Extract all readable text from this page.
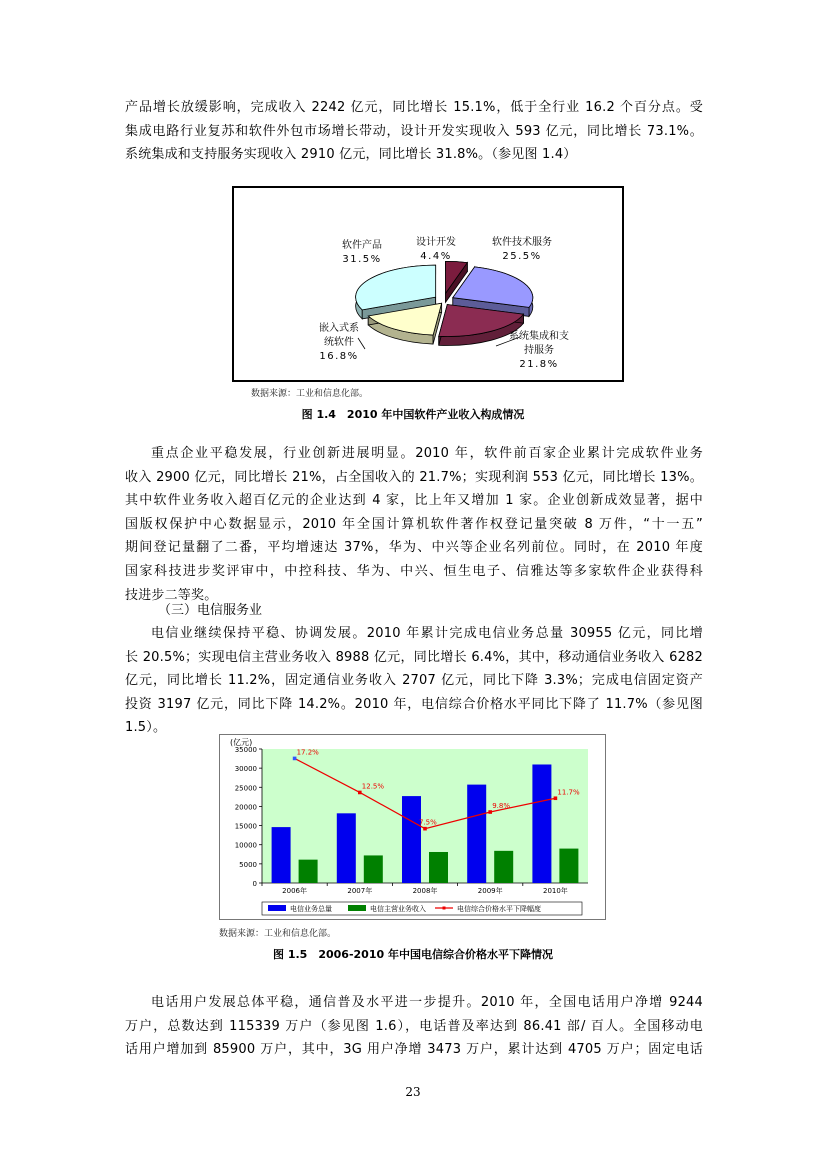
产品增长放缓影响，完成收入 2242 亿元，同比增长 15.1%，低于全行业 16.2 个百分点。受
集成电路行业复苏和软件外包市场增长带动，设计开发实现收入 593 亿元，同比增长 73.1%。
系统集成和支持服务实现收入 2910 亿元，同比增长 31.8%。（参见图 1.4）
设计开发
4.4%
软件技术服务
25.5%
系统集成和支
持服务
21.8%
嵌入式系
统软件
16.8%
软件产品
31.5%
数据来源：工业和信息化部。
图 1.4　2010 年中国软件产业收入构成情况
重点企业平稳发展，行业创新进展明显。2010 年，软件前百家企业累计完成软件业务
收入 2900 亿元，同比增长 21%，占全国收入的 21.7%；实现利润 553 亿元，同比增长 13%。
其中软件业务收入超百亿元的企业达到 4 家，比上年又增加 1 家。企业创新成效显著，据中
国版权保护中心数据显示，2010 年全国计算机软件著作权登记量突破 8 万件，“十一五”
期间登记量翻了二番，平均增速达 37%，华为、中兴等企业名列前位。同时，在 2010 年度
国家科技进步奖评审中，中控科技、华为、中兴、恒生电子、信雅达等多家软件企业获得科
技进步二等奖。
（三）电信服务业
电信业继续保持平稳、协调发展。2010 年累计完成电信业务总量 30955 亿元，同比增
长 20.5%；实现电信主营业务收入 8988 亿元，同比增长 6.4%，其中，移动通信业务收入 6282
亿元，同比增长 11.2%，固定通信业务收入 2707 亿元，同比下降 3.3%；完成电信固定资产
投资 3197 亿元，同比下降 14.2%。2010 年，电信综合价格水平同比下降了 11.7%（参见图
1.5）。
(亿元)
0
5000
10000
15000
20000
25000
30000
35000
2006年	2007年	2008年	2009年	2010年
17.2%
12.5%
7.5%
9.8%
11.7%
电信业务总量	电信主营业务收入	电信综合价格水平下降幅度
数据来源：工业和信息化部。
图 1.5　2006-2010 年中国电信综合价格水平下降情况
电话用户发展总体平稳，通信普及水平进一步提升。2010 年，全国电话用户净增 9244
万户，总数达到 115339 万户（参见图 1.6），电话普及率达到 86.41 部/ 百人。全国移动电
话用户增加到 85900 万户，其中，3G 用户净增 3473 万户，累计达到 4705 万户；固定电话
23
